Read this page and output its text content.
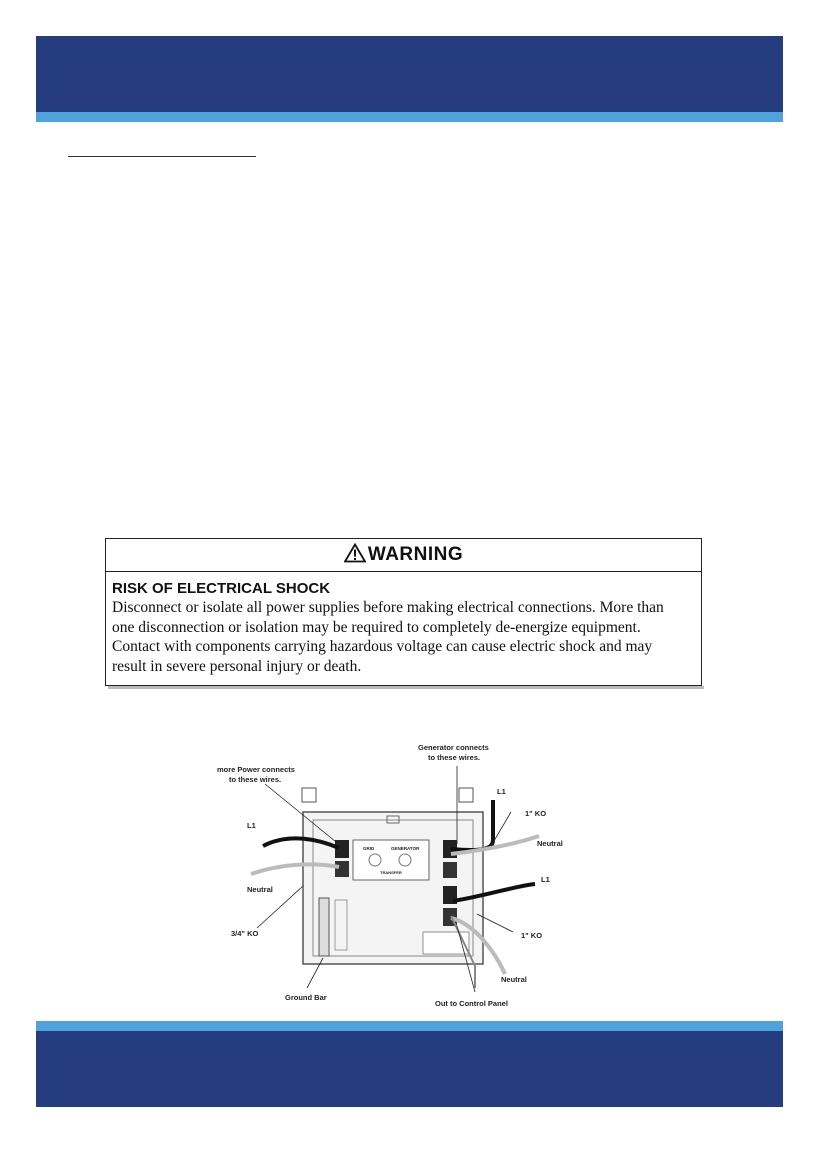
WARNING
RISK OF ELECTRICAL SHOCK
Disconnect or isolate all power supplies before making electrical connections. More than
one disconnection or isolation may be required to completely de-energize equipment.
Contact with components carrying hazardous voltage can cause electric shock and may
result in severe personal injury or death.
GRID	GENERATOR
TRANSFER
more Power connects
to these wires.
Generator connects
to these wires.
L1
Neutral
3/4" KO
Ground Bar
L1
1" KO
Neutral
L1
1" KO
Neutral
Out to Control Panel
